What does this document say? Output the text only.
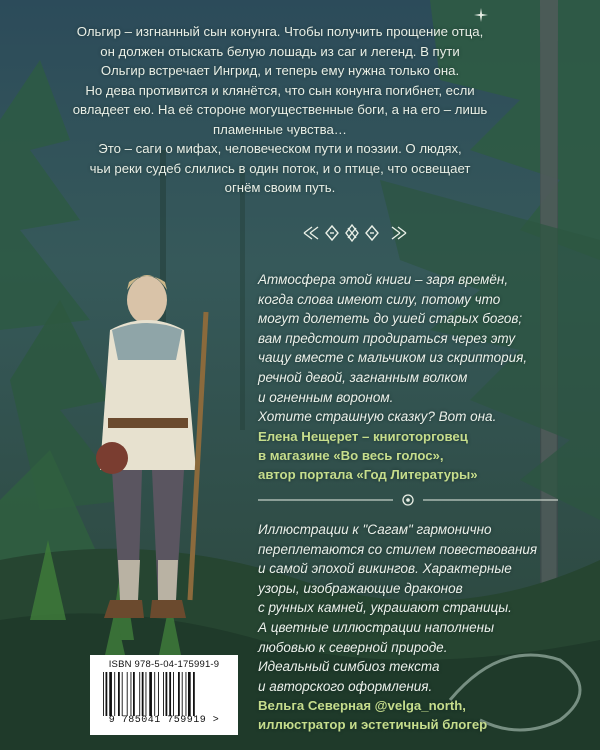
Ольгир – изгнанный сын конунга. Чтобы получить прощение отца,

он должен отыскать белую лошадь из саг и легенд. В пути

Ольгир встречает Ингрид, и теперь ему нужна только она.

Но дева противится и клянётся, что сын конунга погибнет, если

овладеет ею. На её стороне могущественные боги, а на его – лишь

пламенные чувства…

Это – саги о мифах, человеческом пути и поэзии. О людях,

чьи реки судеб слились в один поток, и о птице, что освещает

огнём своим путь.

Атмосфера этой книги – заря времён,

когда слова имеют силу, потому что

могут долететь до ушей старых богов;

вам предстоит продираться через эту

чащу вместе с мальчиком из скриптория,

речной девой, загнанным волком

и огненным вороном.

Хотите страшную сказку? Вот она.

Елена Нещерет – книготорговец

в магазине «Во весь голос»,

автор портала «Год Литературы»

Иллюстрации к "Сагам" гармонично

переплетаются со стилем повествования

и самой эпохой викингов. Характерные

узоры, изображающие драконов

с рунных камней, украшают страницы.

А цветные иллюстрации наполнены

любовью к северной природе.

Идеальный симбиоз текста

и авторского оформления.

Вельга Северная @velga_north,

иллюстратор и эстетичный блогер

ISBN 978-5-04-175991-9
9 785041 759919 >
